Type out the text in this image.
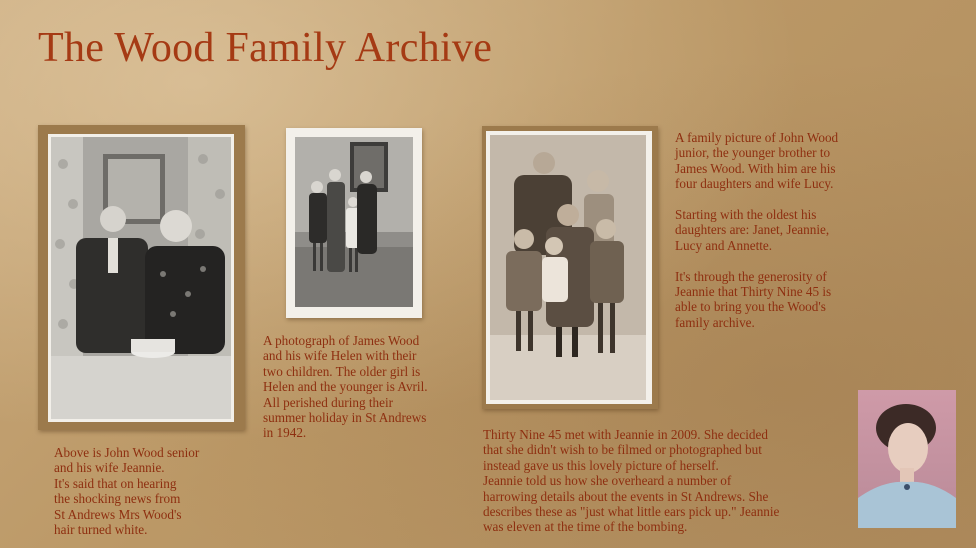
The Wood Family Archive
Above is John Wood senior
and his wife Jeannie.
It's said that on hearing
the shocking news from
St Andrews Mrs Wood's
hair turned white.
A photograph of James Wood
and his wife Helen with their
two children. The older girl is
Helen and the younger is Avril.
All perished during their
summer holiday in St Andrews
in 1942.
A family picture of John Wood
junior, the younger brother to
James Wood. With him are his
four daughters and wife Lucy.

Starting with the oldest his
daughters are: Janet, Jeannie,
Lucy and Annette.

It's through the generosity of
Jeannie that Thirty Nine 45 is
able to bring you the Wood's
family archive.
Thirty Nine 45 met with Jeannie in 2009. She decided
that she didn't wish to be filmed or photographed but
instead gave us this lovely picture of herself.
Jeannie told us how she overheard a number of
harrowing details about the events in St Andrews. She
describes these as "just what little ears pick up." Jeannie
was eleven at the time of the bombing.
